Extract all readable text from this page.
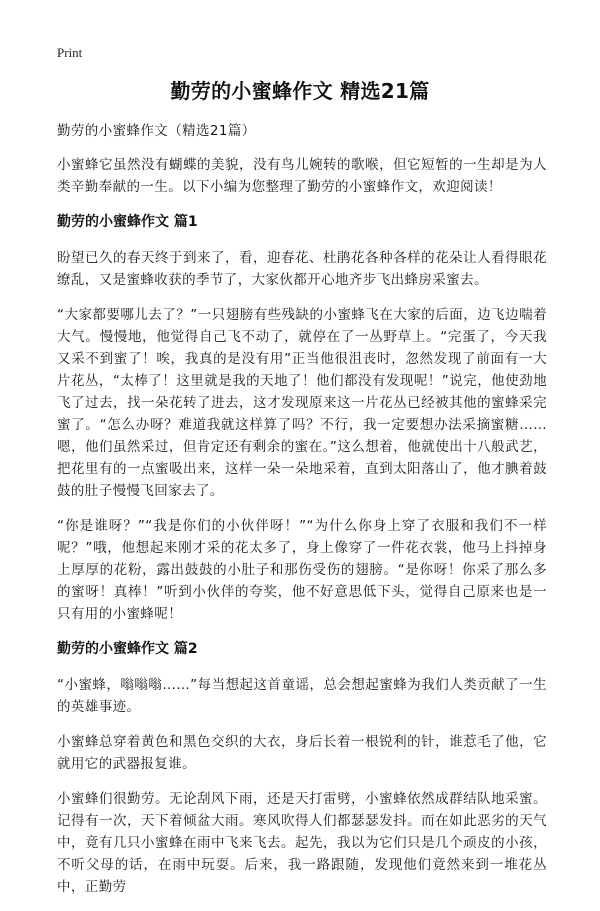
Print
勤劳的小蜜蜂作文 精选21篇

勤劳的小蜜蜂作文（精选21篇）

小蜜蜂它虽然没有蝴蝶的美貌，没有鸟儿婉转的歌喉，但它短暂的一生却是为人类辛勤奉献的一生。以下小编为您整理了勤劳的小蜜蜂作文，欢迎阅读！

勤劳的小蜜蜂作文 篇1

盼望已久的春天终于到来了，看，迎春花、杜鹃花各种各样的花朵让人看得眼花缭乱，又是蜜蜂收获的季节了，大家伙都开心地齐步飞出蜂房采蜜去。

“大家都要哪儿去了？”一只翅膀有些残缺的小蜜蜂飞在大家的后面，边飞边喘着大气。慢慢地，他觉得自己飞不动了，就停在了一丛野草上。“完蛋了，今天我又采不到蜜了！唉，我真的是没有用”正当他很沮丧时，忽然发现了前面有一大片花丛，“太棒了！这里就是我的天地了！他们都没有发现呢！”说完，他使劲地飞了过去，找一朵花转了进去，这才发现原来这一片花丛已经被其他的蜜蜂采完蜜了。“怎么办呀？难道我就这样算了吗？不行，我一定要想办法采摘蜜糖……嗯，他们虽然采过，但肯定还有剩余的蜜在。”这么想着，他就使出十八般武艺，把花里有的一点蜜吸出来，这样一朵一朵地采着，直到太阳落山了，他才腆着鼓鼓的肚子慢慢飞回家去了。

“你是谁呀？”“我是你们的小伙伴呀！”“为什么你身上穿了衣服和我们不一样呢？”哦，他想起来刚才采的花太多了，身上像穿了一件花衣裳，他马上抖掉身上厚厚的花粉，露出鼓鼓的小肚子和那伤受伤的翅膀。“是你呀！你采了那么多的蜜呀！真棒！”听到小伙伴的夸奖，他不好意思低下头，觉得自己原来也是一只有用的小蜜蜂呢！

勤劳的小蜜蜂作文 篇2

“小蜜蜂，嗡嗡嗡……”每当想起这首童谣，总会想起蜜蜂为我们人类贡献了一生的英雄事迹。

小蜜蜂总穿着黄色和黑色交织的大衣，身后长着一根锐利的针，谁惹毛了他，它就用它的武器报复谁。

小蜜蜂们很勤劳。无论刮风下雨，还是天打雷劈，小蜜蜂依然成群结队地采蜜。记得有一次，天下着倾盆大雨。寒风吹得人们都瑟瑟发抖。而在如此恶劣的天气中，竟有几只小蜜蜂在雨中飞来飞去。起先，我以为它们只是几个顽皮的小孩，不听父母的话，在雨中玩耍。后来，我一路跟随，发现他们竟然来到一堆花丛中，正勤劳
